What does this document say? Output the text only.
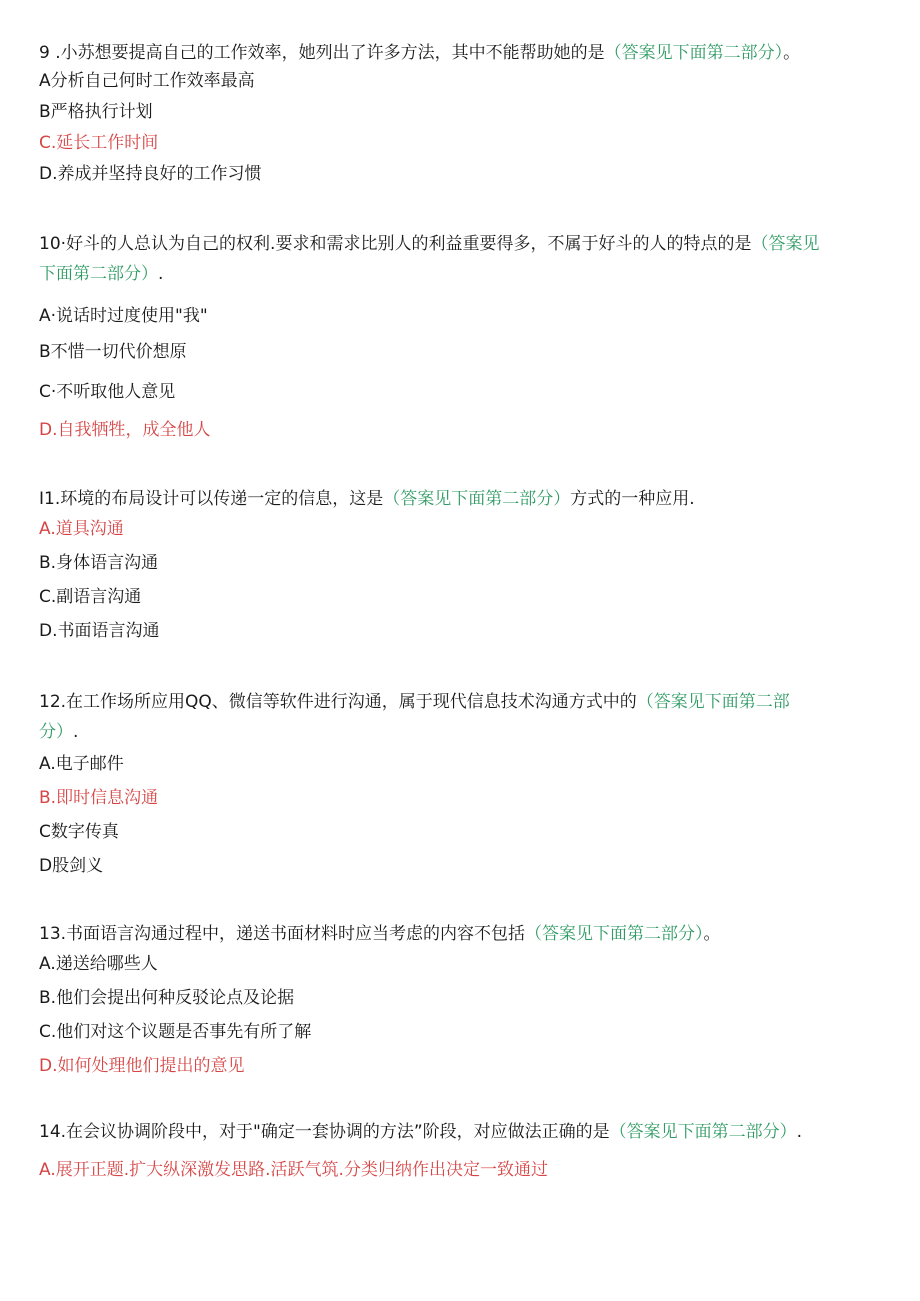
9 .小苏想要提高自己的工作效率，她列出了许多方法，其中不能帮助她的是（答案见下面第二部分）。
A分析自己何时工作效率最高
B严格执行计划
C.延长工作时间
D.养成并坚持良好的工作习惯
10·好斗的人总认为自己的权利.要求和需求比别人的利益重要得多，不属于好斗的人的特点的是（答案见
下面第二部分）.
A·说话时过度使用"我"
B不惜一切代价想原
C·不听取他人意见
D.自我牺牲，成全他人
I1.环境的布局设计可以传递一定的信息，这是（答案见下面第二部分）方式的一种应用.
A.道具沟通
B.身体语言沟通
C.副语言沟通
D.书面语言沟通
12.在工作场所应用QQ、微信等软件进行沟通，属于现代信息技术沟通方式中的（答案见下面第二部
分）.
A.电子邮件
B.即时信息沟通
C数字传真
D股剑义
13.书面语言沟通过程中，递送书面材料时应当考虑的内容不包括（答案见下面第二部分）。
A.递送给哪些人
B.他们会提出何种反驳论点及论据
C.他们对这个议题是否事先有所了解
D.如何处理他们提出的意见
14.在会议协调阶段中，对于"确定一套协调的方法”阶段，对应做法正确的是（答案见下面第二部分）.
A.展开正题.扩大纵深激发思路.活跃气筑.分类归纳作出决定一致通过
